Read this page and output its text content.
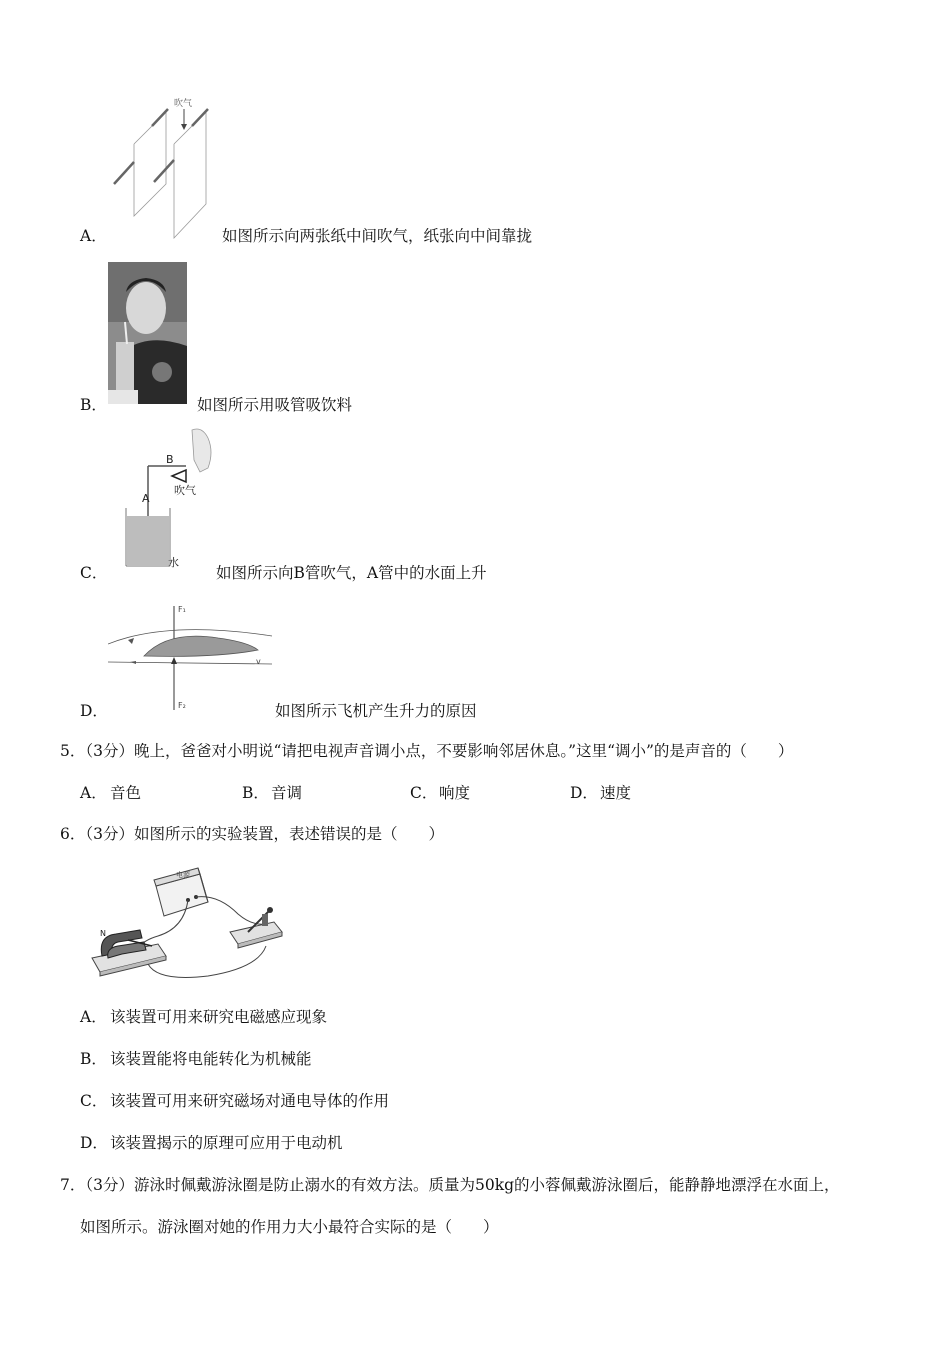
吹气
A．	如图所示向两张纸中间吹气，纸张向中间靠拢
B．	如图所示用吸管吸饮料
B
吹气
A
水
C．	如图所示向B管吹气，A管中的水面上升
F₁
v
F₂
D．	如图所示飞机产生升力的原因
5．（3分）晚上，爸爸对小明说“请把电视声音调小点，不要影响邻居休息。”这里“调小”的是声音的（　　）
A． 音色	B． 音调	C． 响度	D． 速度
6．（3分）如图所示的实验装置，表述错误的是（　　）
电源
N
A． 该装置可用来研究电磁感应现象
B． 该装置能将电能转化为机械能
C． 该装置可用来研究磁场对通电导体的作用
D． 该装置揭示的原理可应用于电动机
7．（3分）游泳时佩戴游泳圈是防止溺水的有效方法。质量为50kg的小蓉佩戴游泳圈后，能静静地漂浮在水面上，
如图所示。游泳圈对她的作用力大小最符合实际的是（　　）
